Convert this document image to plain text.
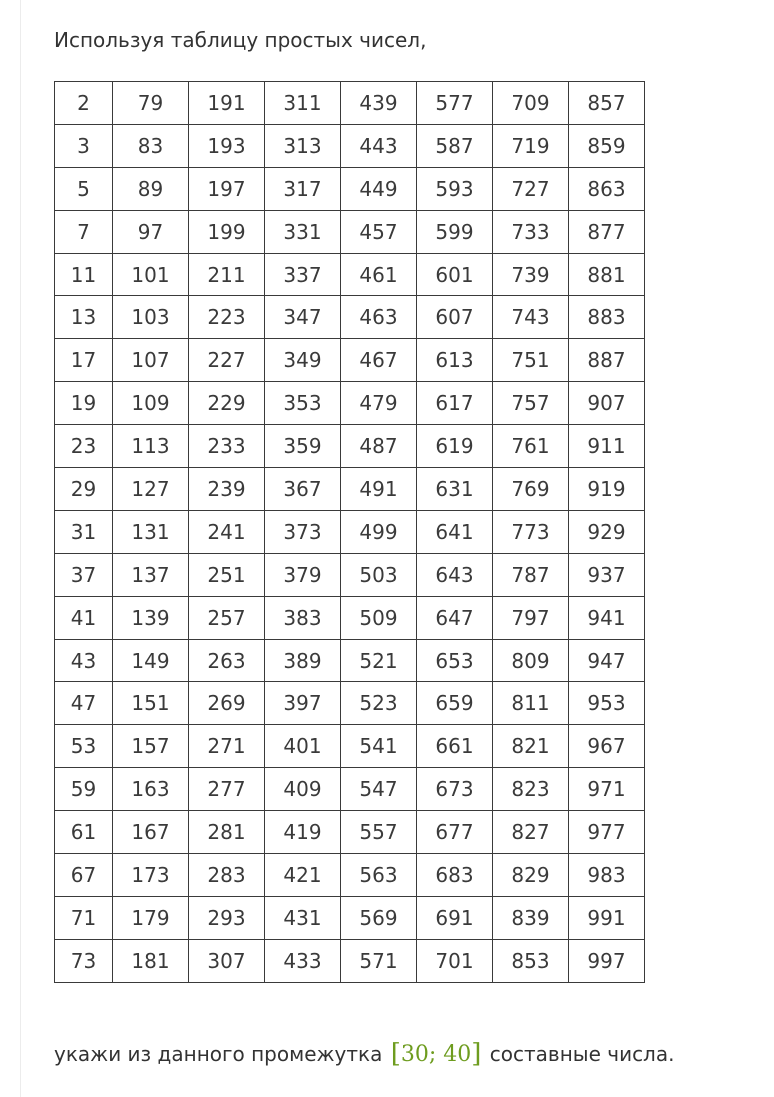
Используя таблицу простых чисел,
2	79	191	311	439	577	709	857
3	83	193	313	443	587	719	859
5	89	197	317	449	593	727	863
7	97	199	331	457	599	733	877
11	101	211	337	461	601	739	881
13	103	223	347	463	607	743	883
17	107	227	349	467	613	751	887
19	109	229	353	479	617	757	907
23	113	233	359	487	619	761	911
29	127	239	367	491	631	769	919
31	131	241	373	499	641	773	929
37	137	251	379	503	643	787	937
41	139	257	383	509	647	797	941
43	149	263	389	521	653	809	947
47	151	269	397	523	659	811	953
53	157	271	401	541	661	821	967
59	163	277	409	547	673	823	971
61	167	281	419	557	677	827	977
67	173	283	421	563	683	829	983
71	179	293	431	569	691	839	991
73	181	307	433	571	701	853	997
укажи из данного промежутка [30; 40] составные числа.
